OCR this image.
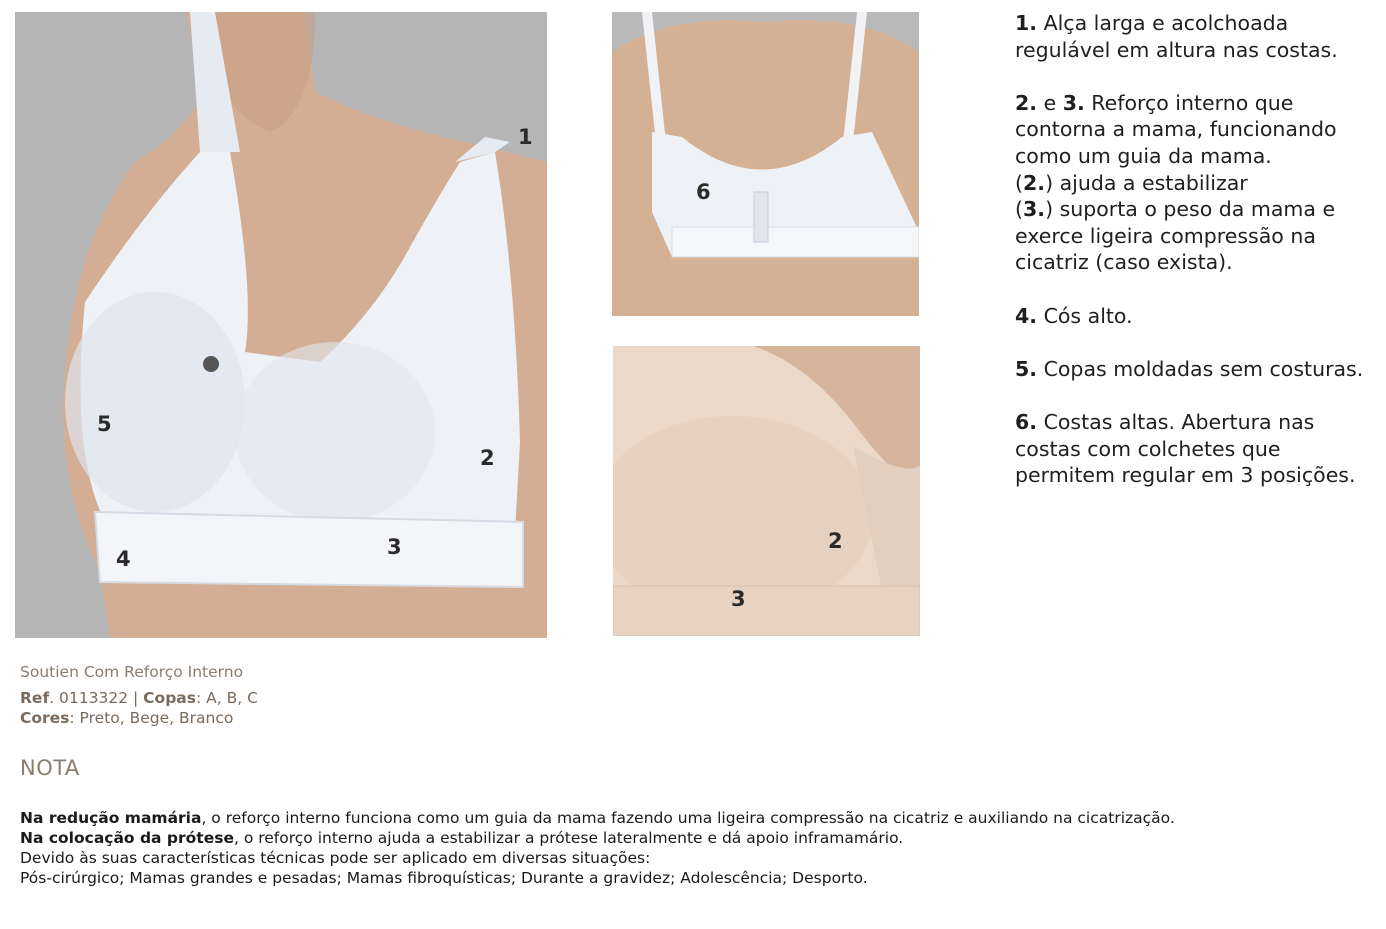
1
5
2
3
4
6
2
3

1. Alça larga e acolchoada regulável em altura nas costas.

2. e 3. Reforço interno que contorna a mama, funcionando como um guia da mama.
(2.) ajuda a estabilizar
(3.) suporta o peso da mama e exerce ligeira compressão na cicatriz (caso exista).

4. Cós alto.

5. Copas moldadas sem costuras.

6. Costas altas. Abertura nas costas com colchetes que permitem regular em 3 posições.

Soutien Com Reforço Interno
Ref. 0113322 | Copas: A, B, C
Cores: Preto, Bege, Branco
NOTA
Na redução mamária, o reforço interno funciona como um guia da mama fazendo uma ligeira compressão na cicatriz e auxiliando na cicatrização.
Na colocação da prótese, o reforço interno ajuda a estabilizar a prótese lateralmente e dá apoio inframamário.
Devido às suas características técnicas pode ser aplicado em diversas situações:
Pós-cirúrgico; Mamas grandes e pesadas; Mamas fibroquísticas; Durante a gravidez; Adolescência; Desporto.
